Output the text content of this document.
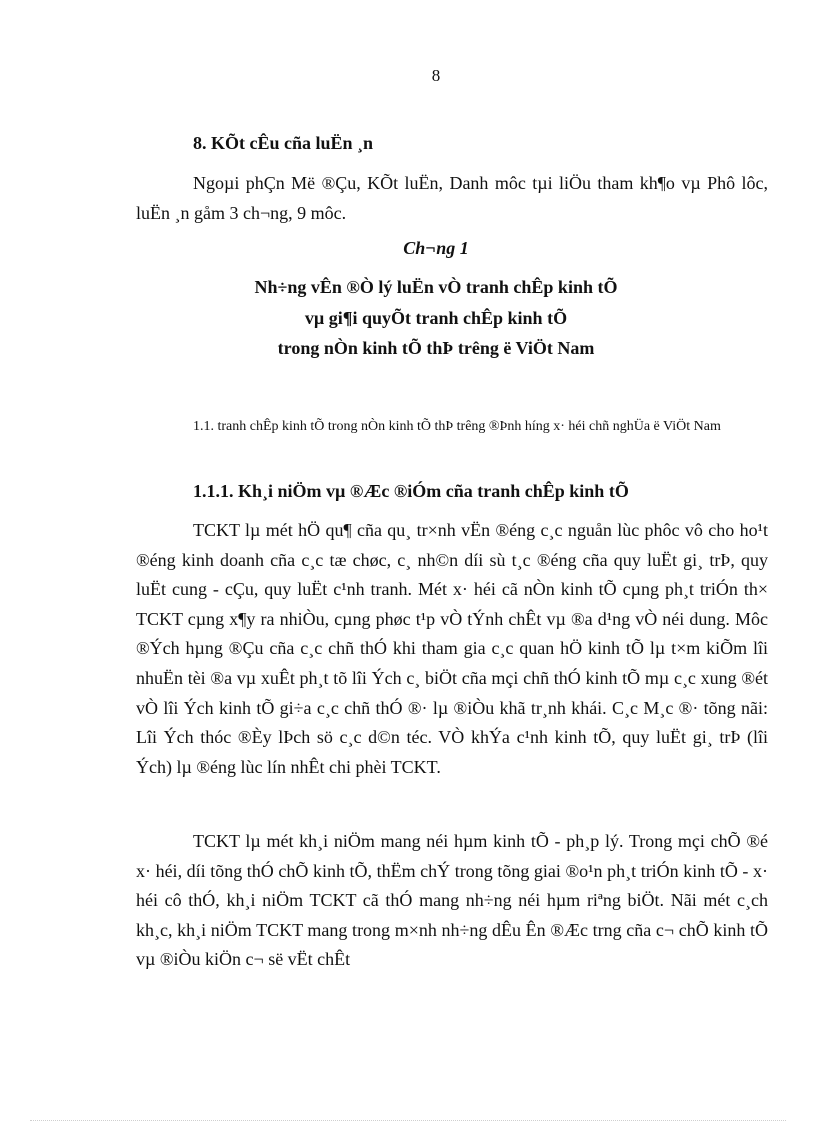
8
8. KÕt cÊu cña luËn ¸n

Ngoµi phÇn Më ®Çu, KÕt luËn, Danh môc tµi liÖu tham kh¶o vµ Phô lôc, luËn ¸n gåm 3 ch¬ng, 9 môc.

Ch¬ng 1
Nh÷ng vÊn ®Ò lý luËn vÒ tranh chÊp kinh tÕ
vµ gi¶i quyÕt tranh chÊp kinh tÕ
trong nÒn kinh tÕ thÞ trêng ë ViÖt Nam

1.1. tranh chÊp kinh tÕ trong nÒn kinh tÕ thÞ trêng ®Þnh híng x· héi chñ nghÜa ë ViÖt Nam

1.1.1. Kh¸i niÖm vµ ®Æc ®iÓm cña tranh chÊp kinh tÕ

TCKT lµ mét hÖ qu¶ cña qu¸ tr×nh vËn ®éng c¸c nguån lùc phôc vô cho ho¹t ®éng kinh doanh cña c¸c tæ chøc, c¸ nh©n díi sù t¸c ®éng cña quy luËt gi¸ trÞ, quy luËt cung - cÇu, quy luËt c¹nh tranh. Mét x· héi cã nÒn kinh tÕ cµng ph¸t triÓn th× TCKT cµng x¶y ra nhiÒu, cµng phøc t¹p vÒ tÝnh chÊt vµ ®a d¹ng vÒ néi dung. Môc ®Ých hµng ®Çu cña c¸c chñ thÓ khi tham gia c¸c quan hÖ kinh tÕ lµ t×m kiÕm lîi nhuËn tèi ®a vµ xuÊt ph¸t tõ lîi Ých c¸ biÖt cña mçi chñ thÓ kinh tÕ mµ c¸c xung ®ét vÒ lîi Ých kinh tÕ gi÷a c¸c chñ thÓ ®· lµ ®iÒu khã tr¸nh khái. C¸c M¸c ®· tõng nãi: Lîi Ých thóc ®Èy lÞch sö c¸c d©n téc. VÒ khÝa c¹nh kinh tÕ, quy luËt gi¸ trÞ (lîi Ých) lµ ®éng lùc lín nhÊt chi phèi TCKT.

TCKT lµ mét kh¸i niÖm mang néi hµm kinh tÕ - ph¸p lý. Trong mçi chÕ ®é x· héi, díi tõng thÓ chÕ kinh tÕ, thËm chÝ trong tõng giai ®o¹n ph¸t triÓn kinh tÕ - x· héi cô thÓ, kh¸i niÖm TCKT cã thÓ mang nh÷ng néi hµm riªng biÖt. Nãi mét c¸ch kh¸c, kh¸i niÖm TCKT mang trong m×nh nh÷ng dÊu Ên ®Æc trng cña c¬ chÕ kinh tÕ vµ ®iÒu kiÖn c¬ së vËt chÊt
